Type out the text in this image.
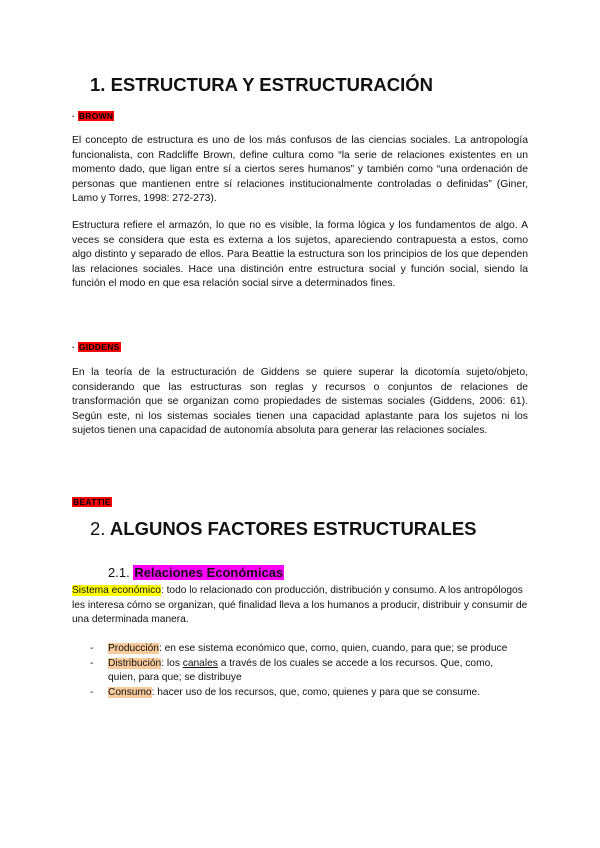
1. ESTRUCTURA Y ESTRUCTURACIÓN
· BROWN

El concepto de estructura es uno de los más confusos de las ciencias sociales. La antropología funcionalista, con Radcliffe Brown, define cultura como “la serie de relaciones existentes en un momento dado, que ligan entre sí a ciertos seres humanos” y también como “una ordenación de personas que mantienen entre sí relaciones institucionalmente controladas o definidas” (Giner, Lamo y Torres, 1998: 272-273).

Estructura refiere el armazón, lo que no es visible, la forma lógica y los fundamentos de algo. A veces se considera que esta es externa a los sujetos, apareciendo contrapuesta a estos, como algo distinto y separado de ellos. Para Beattie la estructura son los principios de los que dependen las relaciones sociales. Hace una distinción entre estructura social y función social, siendo la función el modo en que esa relación social sirve a determinados fines.

· GIDDENS

En la teoría de la estructuración de Giddens se quiere superar la dicotomía sujeto/objeto, considerando que las estructuras son reglas y recursos o conjuntos de relaciones de transformación que se organizan como propiedades de sistemas sociales (Giddens, 2006: 61). Según este, ni los sistemas sociales tienen una capacidad aplastante para los sujetos ni los sujetos tienen una capacidad de autonomía absoluta para generar las relaciones sociales.

BEATTIE
2. ALGUNOS FACTORES ESTRUCTURALES
2.1. Relaciones Económicas

Sistema económico: todo lo relacionado con producción, distribución y consumo. A los antropólogos les interesa cómo se organizan, qué finalidad lleva a los humanos a producir, distribuir y consumir de una determinada manera.

- Producción: en ese sistema económico que, como, quien, cuando, para que; se produce
- Distribución: los canales a través de los cuales se accede a los recursos. Que, como, quien, para que; se distribuye
- Consumo: hacer uso de los recursos, que, como, quienes y para que se consume.
